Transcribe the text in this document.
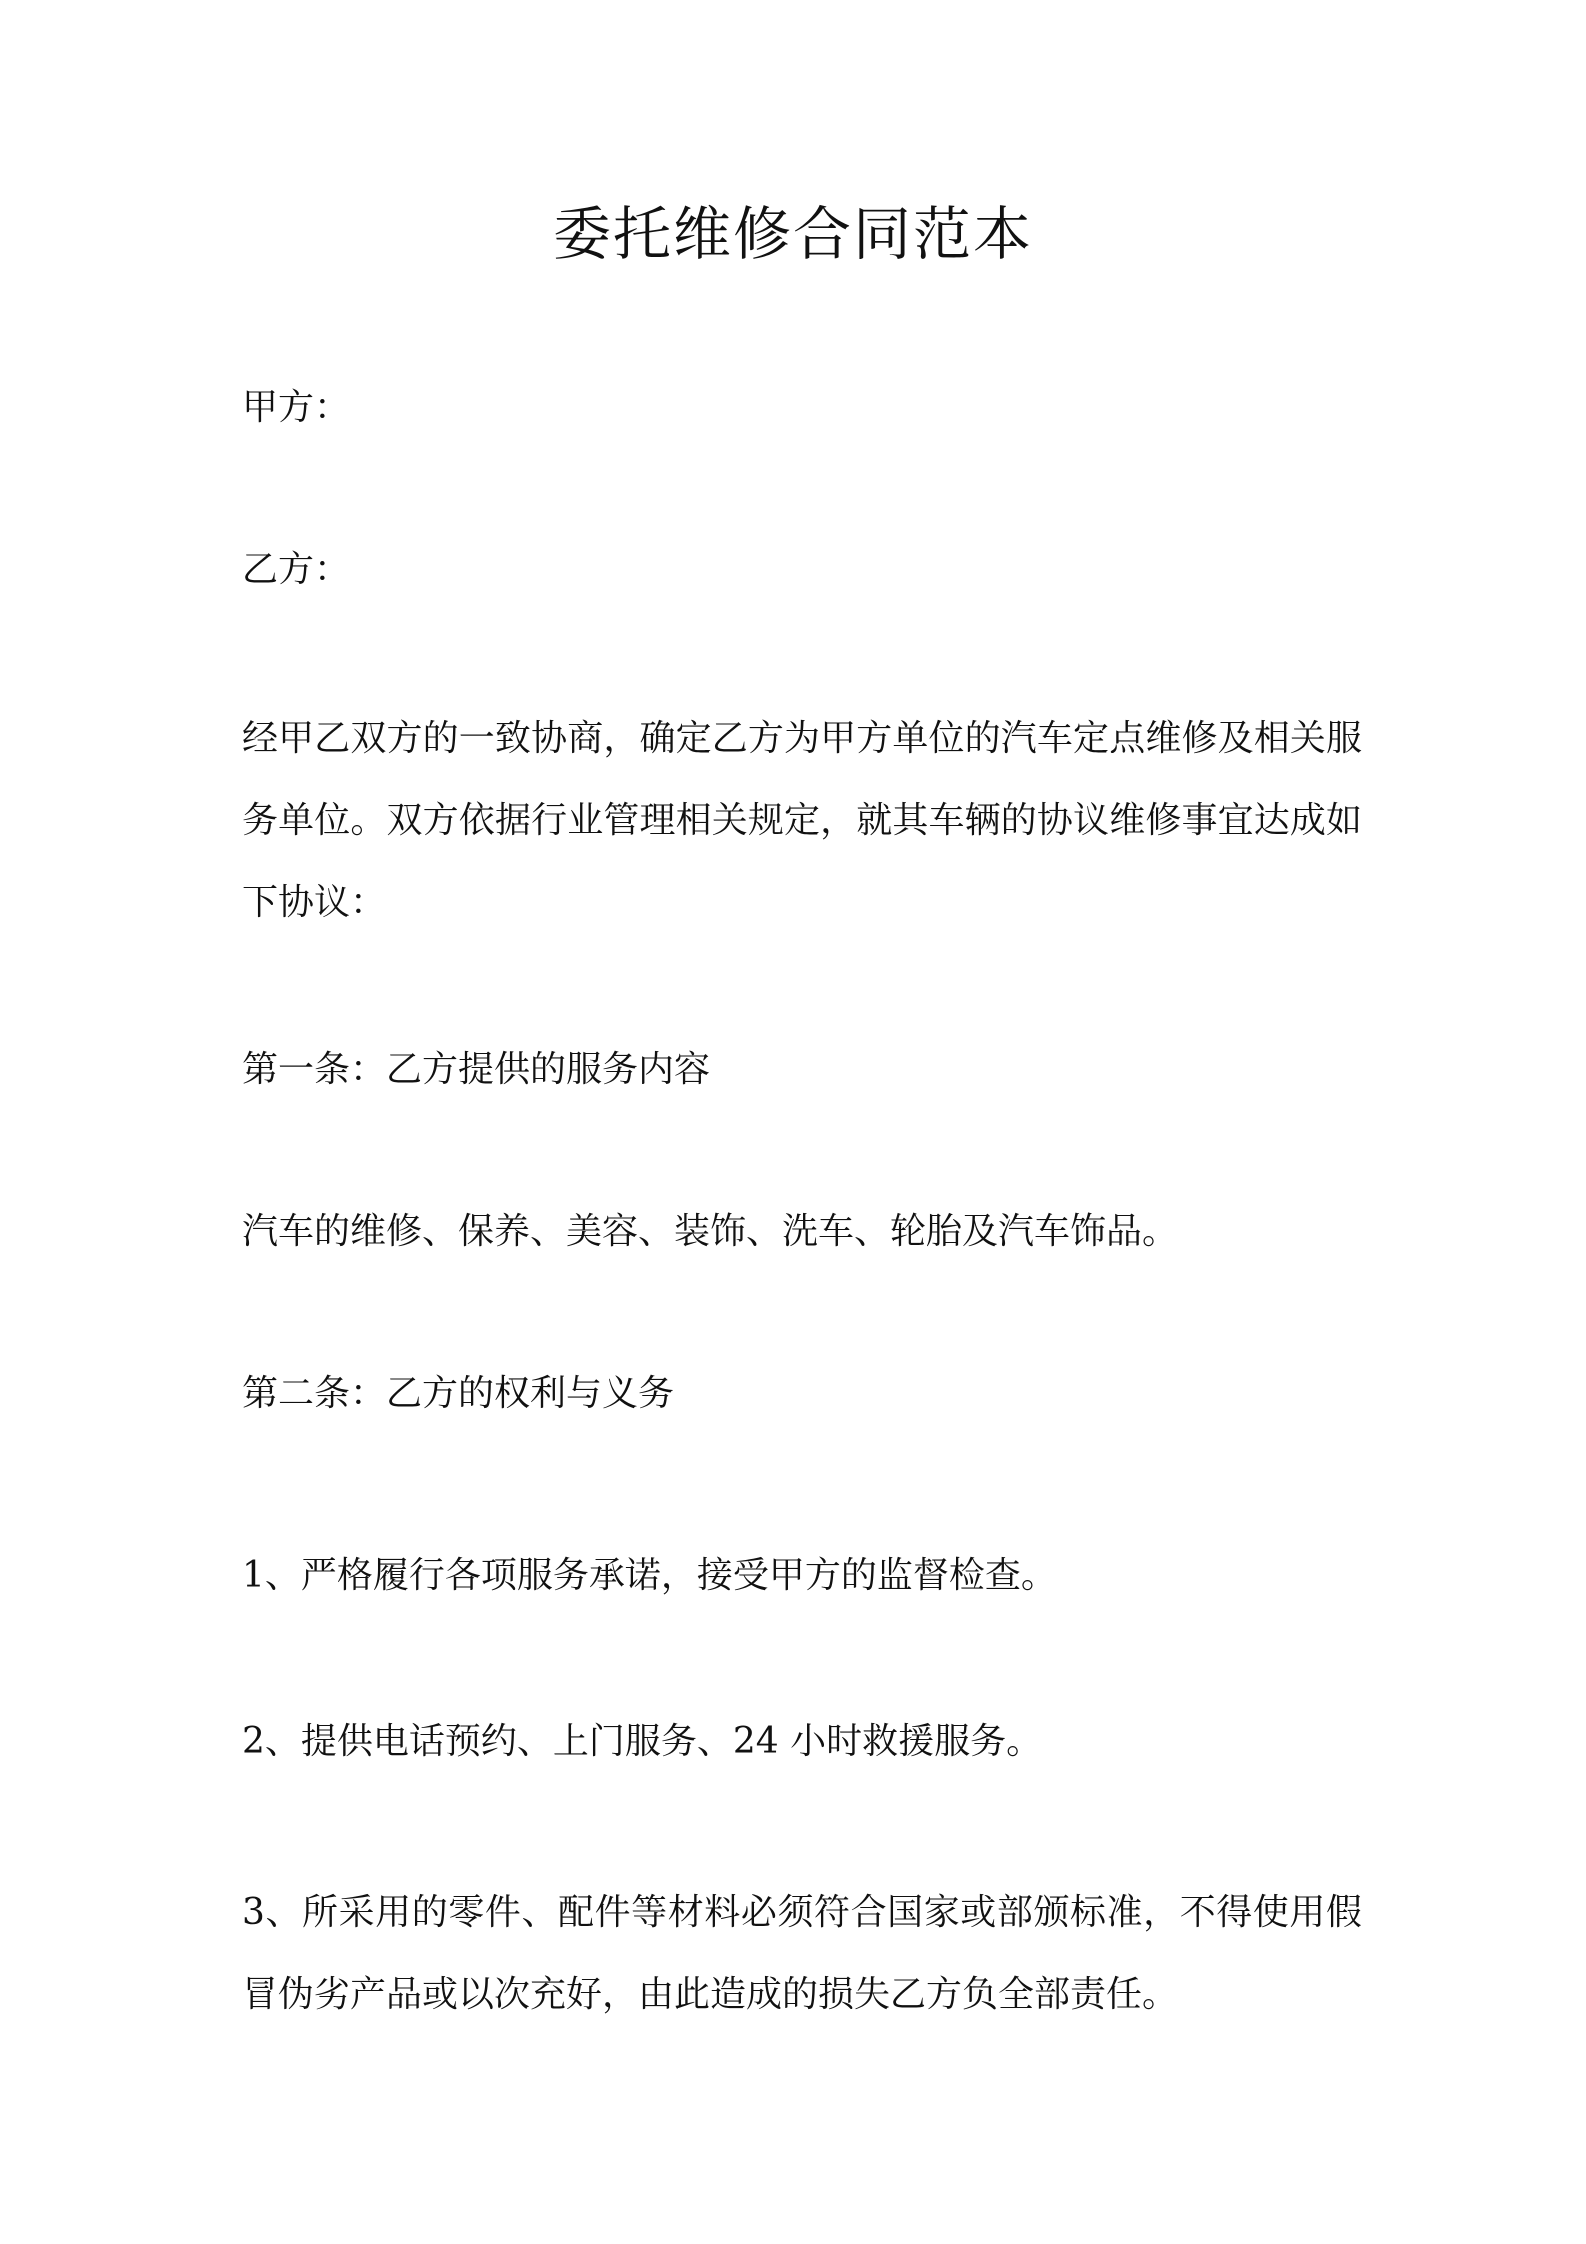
委托维修合同范本

甲方：

乙方：

经甲乙双方的一致协商，确定乙方为甲方单位的汽车定点维修及相关服务单位。双方依据行业管理相关规定，就其车辆的协议维修事宜达成如下协议：

第一条：乙方提供的服务内容

汽车的维修、保养、美容、装饰、洗车、轮胎及汽车饰品。

第二条：乙方的权利与义务

1、严格履行各项服务承诺，接受甲方的监督检查。

2、提供电话预约、上门服务、24 小时救援服务。

3、所采用的零件、配件等材料必须符合国家或部颁标准，不得使用假冒伪劣产品或以次充好，由此造成的损失乙方负全部责任。
